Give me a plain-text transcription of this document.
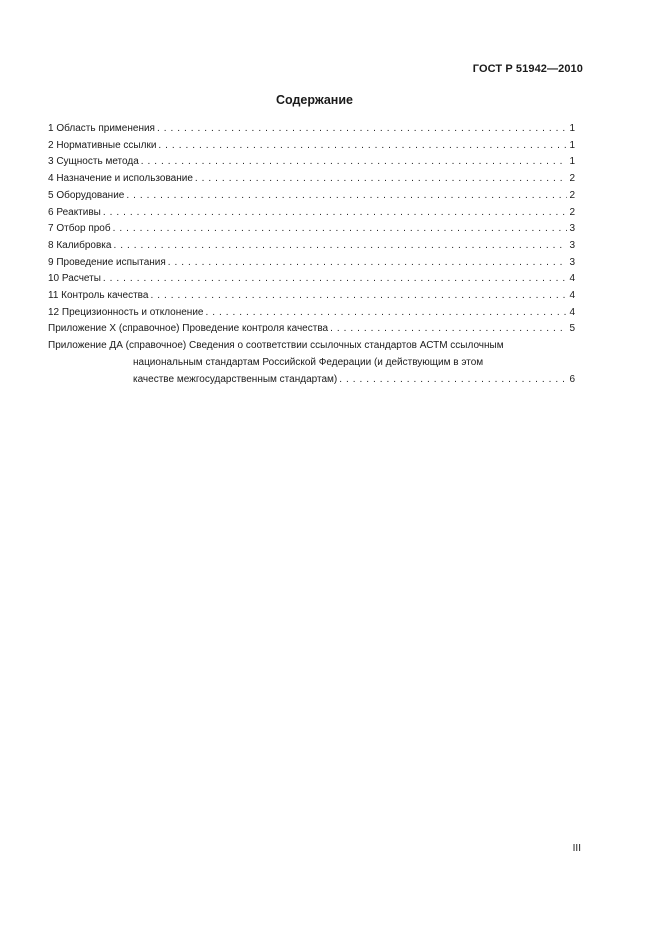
ГОСТ Р 51942—2010
Содержание
1 Область применения . . .	1
2 Нормативные ссылки . . .	1
3 Сущность метода . . .	1
4 Назначение и использование . . .	2
5 Оборудование . . .	2
6 Реактивы . . .	2
7 Отбор проб . . .	3
8 Калибровка . . .	3
9 Проведение испытания . . .	3
10 Расчеты . . .	4
11 Контроль качества . . .	4
12 Прецизионность и отклонение . . .	4
Приложение X (справочное) Проведение контроля качества . . .	5
Приложение ДА (справочное) Сведения о соответствии ссылочных стандартов АСТМ ссылочным
национальным стандартам Российской Федерации (и действующим в этом
качестве межгосударственным стандартам) . . .	6
III
